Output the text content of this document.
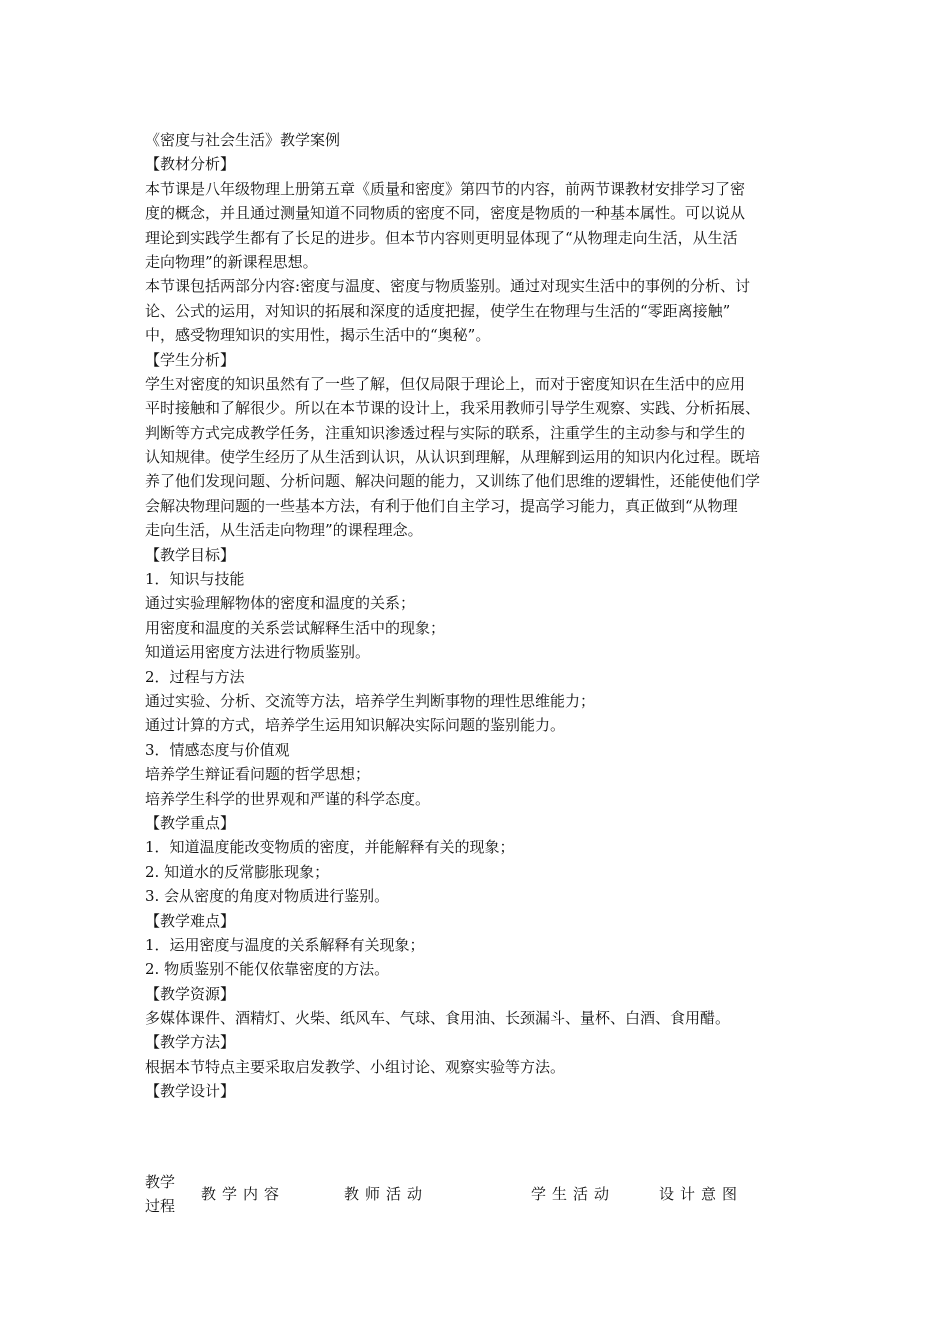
《密度与社会生活》教学案例
【教材分析】
本节课是八年级物理上册第五章《质量和密度》第四节的内容，前两节课教材安排学习了密
度的概念，并且通过测量知道不同物质的密度不同，密度是物质的一种基本属性。可以说从
理论到实践学生都有了长足的进步。但本节内容则更明显体现了“从物理走向生活，从生活
走向物理”的新课程思想。
本节课包括两部分内容:密度与温度、密度与物质鉴别。通过对现实生活中的事例的分析、讨
论、公式的运用，对知识的拓展和深度的适度把握，使学生在物理与生活的“零距离接触”
中，感受物理知识的实用性，揭示生活中的“奥秘”。
【学生分析】
学生对密度的知识虽然有了一些了解，但仅局限于理论上，而对于密度知识在生活中的应用
平时接触和了解很少。所以在本节课的设计上，我采用教师引导学生观察、实践、分析拓展、
判断等方式完成教学任务，注重知识渗透过程与实际的联系，注重学生的主动参与和学生的
认知规律。使学生经历了从生活到认识，从认识到理解，从理解到运用的知识内化过程。既培
养了他们发现问题、分析问题、解决问题的能力，又训练了他们思维的逻辑性，还能使他们学
会解决物理问题的一些基本方法，有利于他们自主学习，提高学习能力，真正做到“从物理
走向生活，从生活走向物理”的课程理念。
【教学目标】
1．知识与技能
通过实验理解物体的密度和温度的关系；
用密度和温度的关系尝试解释生活中的现象；
知道运用密度方法进行物质鉴别。
2．过程与方法
通过实验、分析、交流等方法，培养学生判断事物的理性思维能力；
通过计算的方式，培养学生运用知识解决实际问题的鉴别能力。
3．情感态度与价值观
培养学生辩证看问题的哲学思想；
培养学生科学的世界观和严谨的科学态度。
【教学重点】
1．知道温度能改变物质的密度，并能解释有关的现象；
2. 知道水的反常膨胀现象；
3. 会从密度的角度对物质进行鉴别。
【教学难点】
1．运用密度与温度的关系解释有关现象；
2. 物质鉴别不能仅依靠密度的方法。
【教学资源】
多媒体课件、酒精灯、火柴、纸风车、气球、食用油、长颈漏斗、量杯、白酒、食用醋。
【教学方法】
根据本节特点主要采取启发教学、小组讨论、观察实验等方法。
【教学设计】
教学
过程
教学内容	教师活动	学生活动	设计意图
